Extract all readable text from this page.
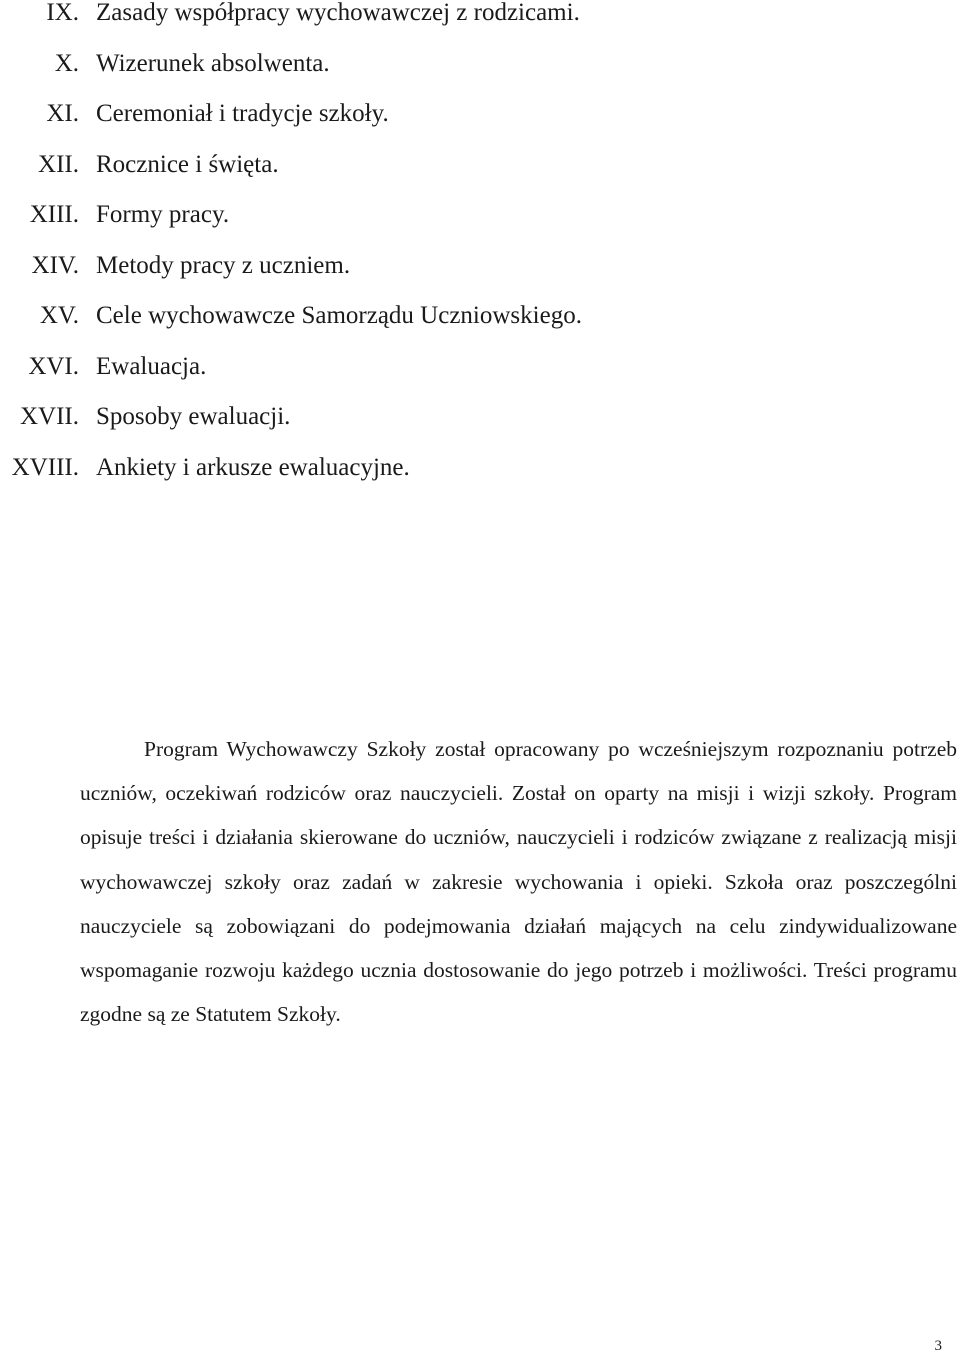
IX. Zasady współpracy wychowawczej z rodzicami.
X. Wizerunek absolwenta.
XI. Ceremoniał i tradycje szkoły.
XII. Rocznice i święta.
XIII. Formy pracy.
XIV. Metody pracy z uczniem.
XV. Cele wychowawcze Samorządu Uczniowskiego.
XVI. Ewaluacja.
XVII. Sposoby ewaluacji.
XVIII. Ankiety i arkusze ewaluacyjne.

Program Wychowawczy Szkoły został opracowany po wcześniejszym rozpoznaniu potrzeb uczniów, oczekiwań rodziców oraz nauczycieli. Został on oparty na misji i wizji szkoły. Program opisuje treści i działania skierowane do uczniów, nauczycieli i rodziców związane z realizacją misji wychowawczej szkoły oraz zadań w zakresie wychowania i opieki. Szkoła oraz poszczególni nauczyciele są zobowiązani do podejmowania działań mających na celu zindywidualizowane wspomaganie rozwoju każdego ucznia dostosowanie do jego potrzeb i możliwości. Treści programu zgodne są ze Statutem Szkoły.

3
